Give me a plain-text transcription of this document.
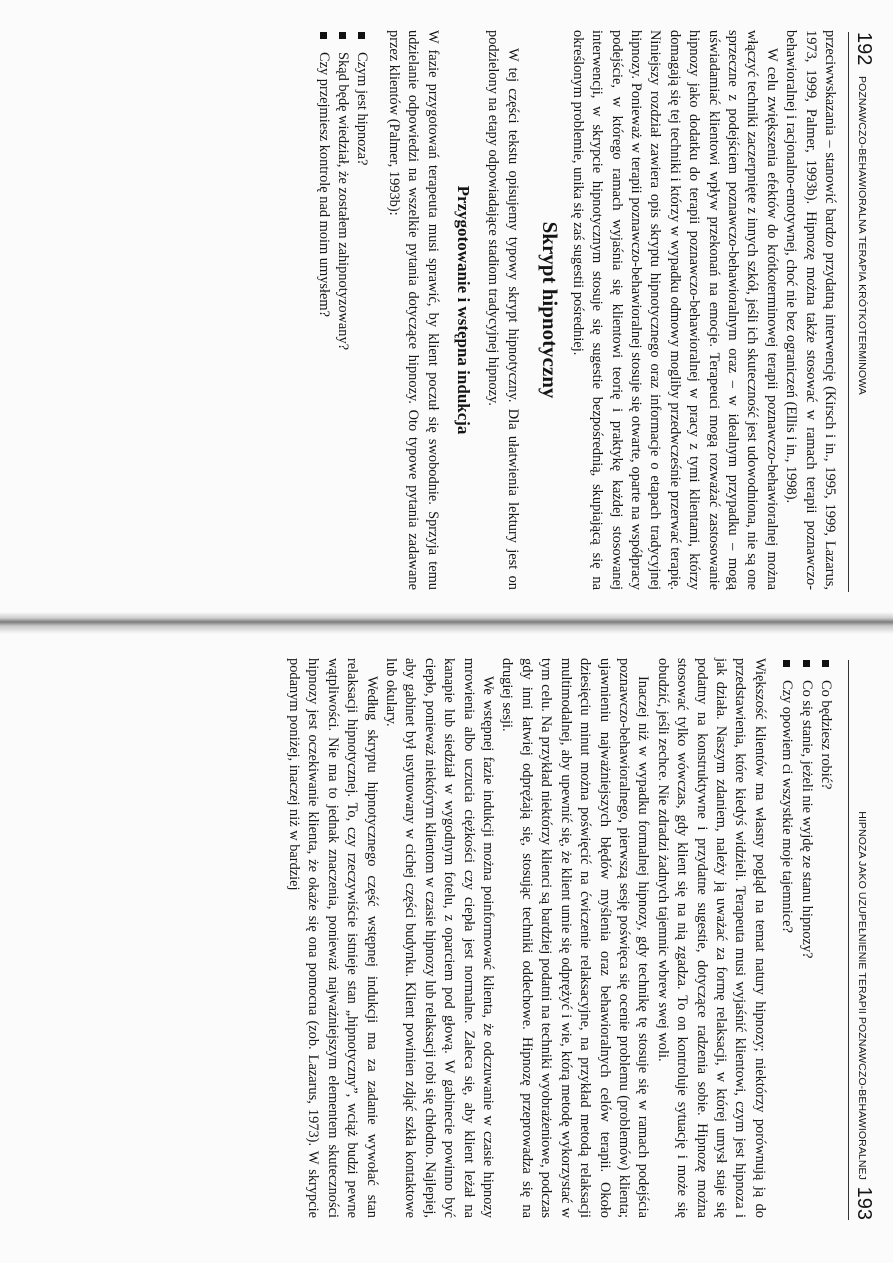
192
POZNAWCZO-BEHAWIORALNA TERAPIA KRÓTKOTERMINOWA

przeciwwskazania – stanowić bardzo przydatną interwencję (Kirsch i in., 1995, 1999, Lazarus, 1973, 1999, Palmer, 1993b). Hipnozę można także stosować w ramach terapii poznawczo-behawioralnej i racjonalno-emotywnej, choć nie bez ograniczeń (Ellis i in., 1998).

W celu zwiększenia efektów do krótkoterminowej terapii poznawczo-behawioralnej można włączyć techniki zaczerpnięte z innych szkół, jeśli ich skuteczność jest udowodniona, nie są one sprzeczne z podejściem poznawczo-behawioralnym oraz – w idealnym przypadku – mogą uświadamiać klientowi wpływ przekonań na emocje. Terapeuci mogą rozważać zastosowanie hipnozy jako dodatku do terapii poznawczo-behawioralnej w pracy z tymi klientami, którzy domagają się tej techniki i którzy w wypadku odmowy mogliby przedwcześnie przerwać terapię. Niniejszy rozdział zawiera opis skryptu hipnotycznego oraz informacje o etapach tradycyjnej hipnozy. Ponieważ w terapii poznawczo-behawioralnej stosuje się otwarte, oparte na współpracy podejście, w którego ramach wyjaśnia się klientowi teorię i praktykę każdej stosowanej interwencji, w skrypcie hipnotycznym stosuje się sugestie bezpośrednią, skupiającą się na określonym problemie, unika się zaś sugestii pośredniej.

Skrypt hipnotyczny

W tej części tekstu opisujemy typowy skrypt hipnotyczny. Dla ułatwienia lektury jest on podzielony na etapy odpowiadające stadiom tradycyjnej hipnozy.

Przygotowanie i wstępna indukcja

W fazie przygotowań terapeuta musi sprawić, by klient poczuł się swobodnie. Sprzyja temu udzielanie odpowiedzi na wszelkie pytania dotyczące hipnozy. Oto typowe pytania zadawane przez klientów (Palmer, 1993b):

Czym jest hipnoza?
Skąd będę wiedział, że zostałem zahipnotyzowany?
Czy przejmiesz kontrolę nad moim umysłem?
HIPNOZA JAKO UZUPEŁNIENIE TERAPII POZNAWCZO-BEHAWIORALNEJ
193
Co będziesz robić?
Co się stanie, jeżeli nie wyjdę ze stanu hipnozy?
Czy opowiem ci wszystkie moje tajemnice?

Większość klientów ma własny pogląd na temat natury hipnozy; niektórzy porównują ją do przedstawienia, które kiedyś widzieli. Terapeuta musi wyjaśnić klientowi, czym jest hipnoza i jak działa. Naszym zdaniem, należy ją uważać za formę relaksacji, w której umysł staje się podatny na konstruktywne i przydatne sugestie, dotyczące radzenia sobie. Hipnozę można stosować tylko wówczas, gdy klient się na nią zgadza. To on kontroluje sytuację i może się obudzić, jeśli zechce. Nie zdradzi żadnych tajemnic wbrew swej woli.

Inaczej niż w wypadku formalnej hipnozy, gdy technikę tę stosuje się w ramach podejścia poznawczo-behawioralnego, pierwszą sesję poświęca się ocenie problemu (problemów) klienta; ujawnieniu najważniejszych błędów myślenia oraz behawioralnych celów terapii. Około dziesięciu minut można poświęcić na ćwiczenie relaksacyjne, na przykład metodą relaksacji multimodalnej, aby upewnić się, że klient umie się odprężyć i wie, którą metodę wykorzystać w tym celu. Na przykład niektórzy klienci są bardziej podatni na techniki wyobrażeniowe, podczas gdy inni łatwiej odprężają się, stosując techniki oddechowe. Hipnozę przeprowadza się na drugiej sesji.

We wstępnej fazie indukcji można poinformować klienta, że odczuwanie w czasie hipnozy mrowienia albo uczucia ciężkości czy ciepła jest normalne. Zaleca się, aby klient leżał na kanapie lub siedział w wygodnym fotelu, z oparciem pod głową. W gabinecie powinno być ciepło, ponieważ niektórym klientom w czasie hipnozy lub relaksacji robi się chłodno. Najlepiej, aby gabinet był usytuowany w cichej części budynku. Klient powinien zdjąć szkła kontaktowe lub okulary.

Według skryptu hipnotycznego część wstępnej indukcji ma za zadanie wywołać stan relaksacji hipnotycznej. To, czy rzeczywiście istnieje stan „hipnotyczny”, wciąż budzi pewne wątpliwości. Nie ma to jednak znaczenia, ponieważ najważniejszym elementem skuteczności hipnozy jest oczekiwanie klienta, że okaże się ona pomocna (zob. Lazarus, 1973). W skrypcie podanym poniżej, inaczej niż w bardziej
